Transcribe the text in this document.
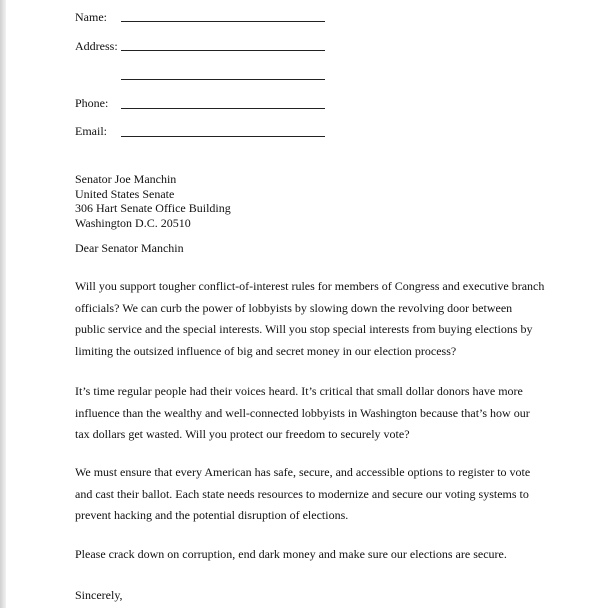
Name:
Address:
Phone:
Email:
Senator Joe Manchin
United States Senate
306 Hart Senate Office Building
Washington D.C. 20510
Dear Senator Manchin
Will you support tougher conflict-of-interest rules for members of Congress and executive branch officials? We can curb the power of lobbyists by slowing down the revolving door between public service and the special interests. Will you stop special interests from buying elections by limiting the outsized influence of big and secret money in our election process?
It’s time regular people had their voices heard. It’s critical that small dollar donors have more influence than the wealthy and well-connected lobbyists in Washington because that’s how our tax dollars get wasted. Will you protect our freedom to securely vote?
We must ensure that every American has safe, secure, and accessible options to register to vote and cast their ballot. Each state needs resources to modernize and secure our voting systems to prevent hacking and the potential disruption of elections.
Please crack down on corruption, end dark money and make sure our elections are secure.
Sincerely,
